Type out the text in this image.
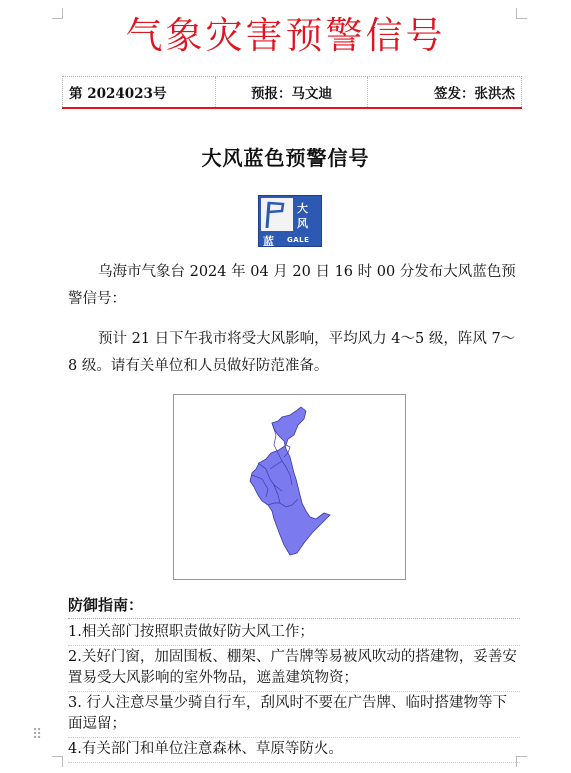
气象灾害预警信号
第 2024023号	预报：马文迪	签发：张洪杰
大风蓝色预警信号
大
风
蓝 GALE
乌海市气象台 2024 年 04 月 20 日 16 时 00 分发布大风蓝色预警信号：
预计 21 日下午我市将受大风影响，平均风力 4～5 级，阵风 7～8 级。请有关单位和人员做好防范准备。
防御指南：
1.相关部门按照职责做好防大风工作；
2.关好门窗，加固围板、棚架、广告牌等易被风吹动的搭建物，妥善安置易受大风影响的室外物品，遮盖建筑物资；
3. 行人注意尽量少骑自行车，刮风时不要在广告牌、临时搭建物等下面逗留；
4.有关部门和单位注意森林、草原等防火。
⠿
